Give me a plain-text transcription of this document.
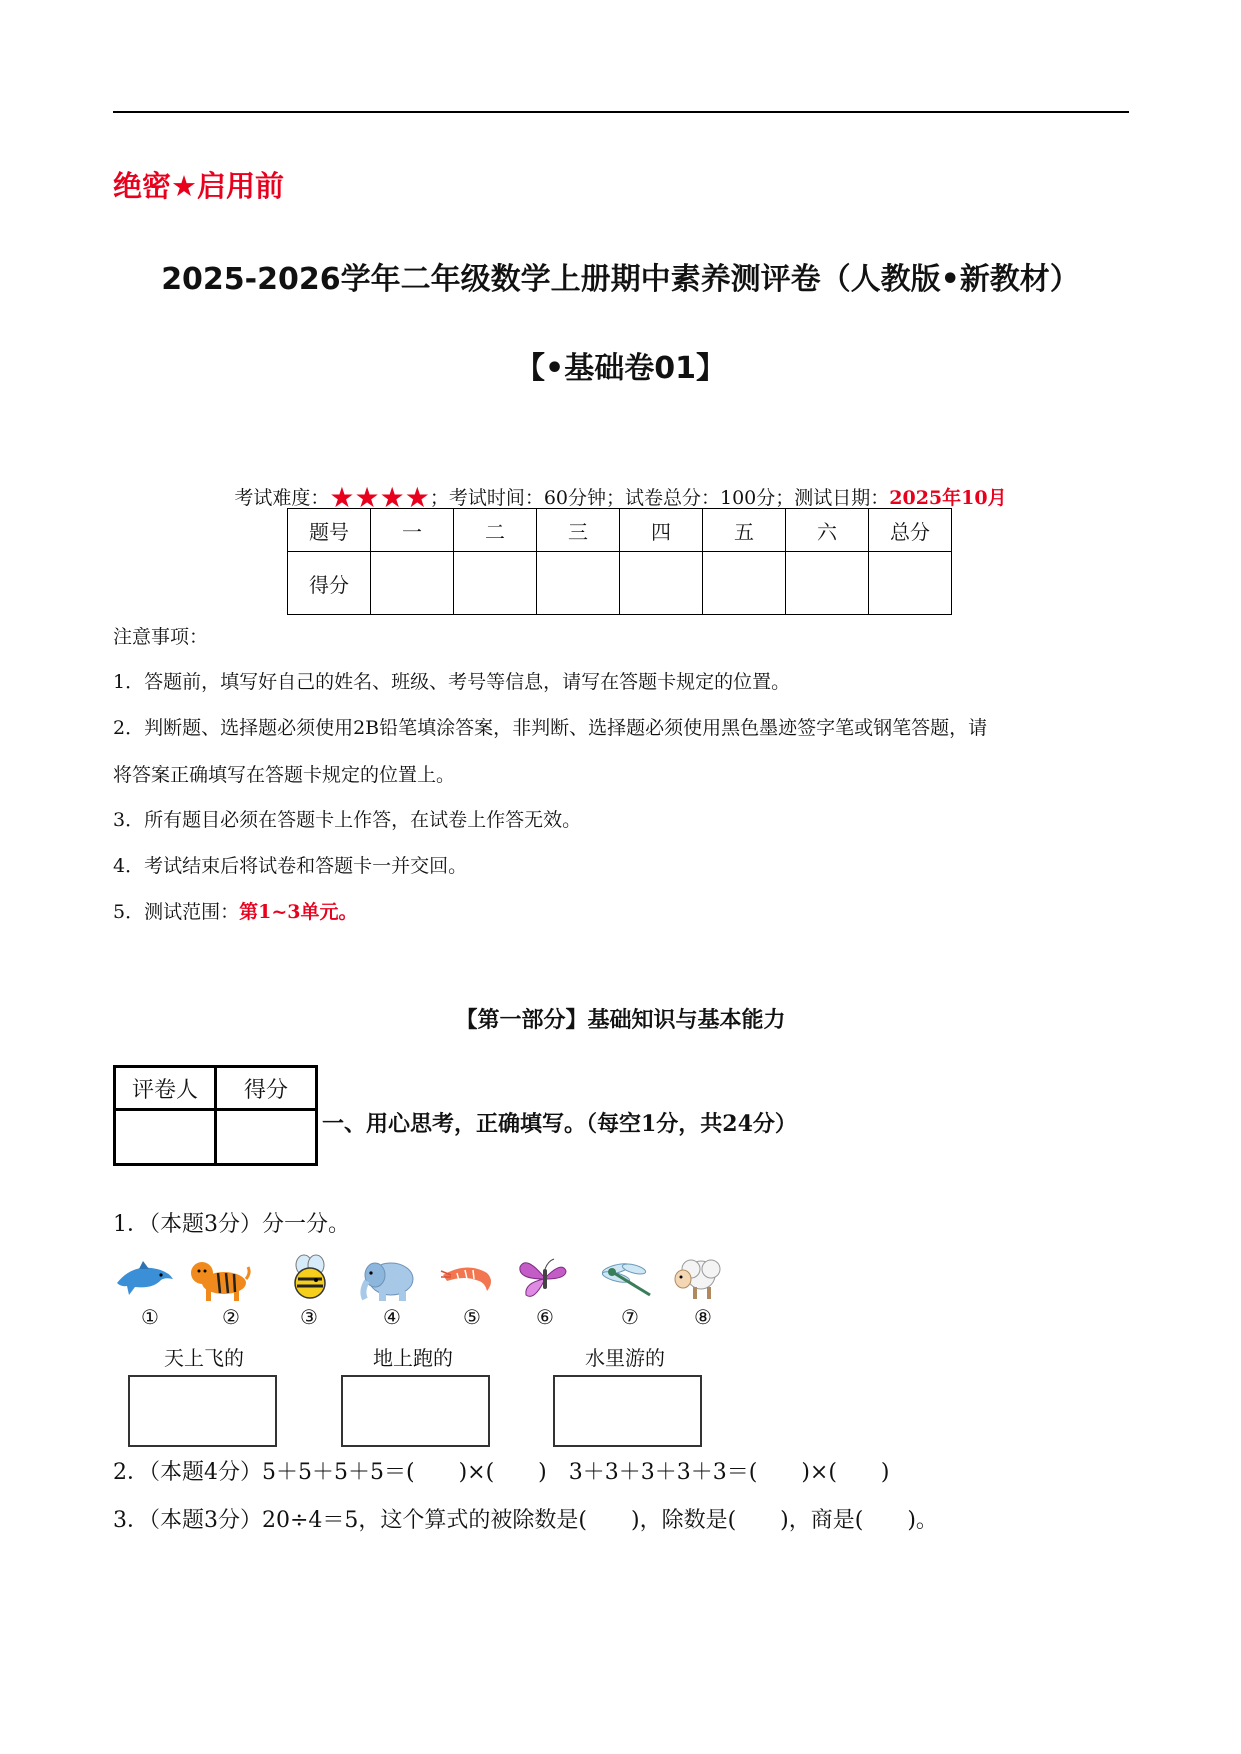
绝密★启用前
2025-2026学年二年级数学上册期中素养测评卷（人教版•新教材）
【•基础卷01】
考试难度：★★★★；考试时间：60分钟；试卷总分：100分；测试日期：2025年10月
题号	一	二	三	四	五	六	总分
得分							
注意事项：
1．答题前，填写好自己的姓名、班级、考号等信息，请写在答题卡规定的位置。
2．判断题、选择题必须使用2B铅笔填涂答案，非判断、选择题必须使用黑色墨迹签字笔或钢笔答题，请
将答案正确填写在答题卡规定的位置上。
3．所有题目必须在答题卡上作答，在试卷上作答无效。
4．考试结束后将试卷和答题卡一并交回。
5．测试范围：第1~3单元。
【第一部分】基础知识与基本能力
评卷人	得分

一、用心思考，正确填写。（每空1分，共24分）
1．（本题3分）分一分。
①	②	③	④	⑤	⑥	⑦	⑧
天上飞的	地上跑的	水里游的
2．（本题4分）5＋5＋5＋5＝(　　)×(　　)　3＋3＋3＋3＋3＝(　　)×(　　)
3．（本题3分）20÷4＝5，这个算式的被除数是(　　)，除数是(　　)，商是(　　)。
